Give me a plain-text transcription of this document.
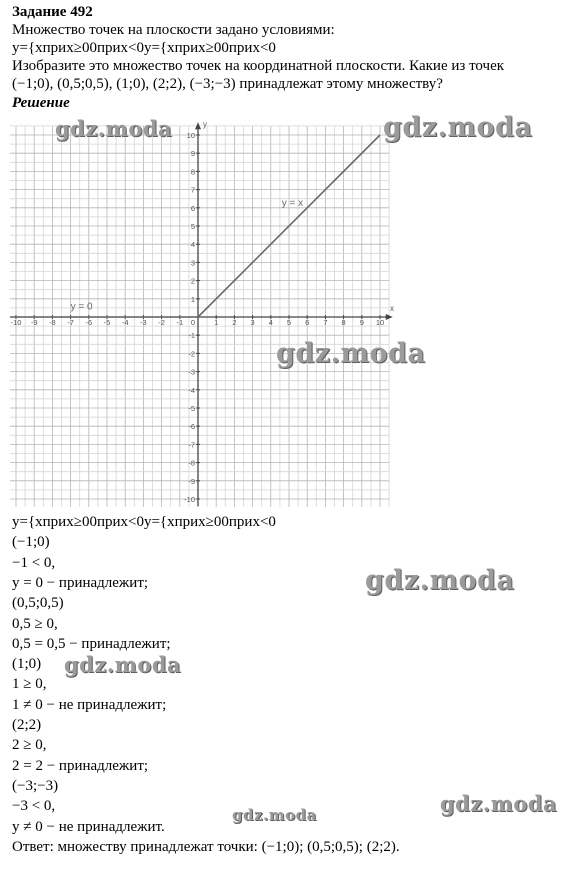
Задание 492
Множество точек на плоскости задано условиями:
y={xприх≥00прих<0y={xприх≥00прих<0
Изобразите это множество точек на координатной плоскости. Какие из точек
(−1;0), (0,5;0,5), (1;0), (2;2), (−3;−3) принадлежат этому множеству?
Решение
x
y
-10 -9 -8 -7 -6 -5 -4 -3 -2 -1	1 2 3 4 5 6 7 8 9 10
10
9
8
7
6
5
4
3
2
1
-1
-2
-3
-4
-5
-6
-7
-8
-9
-10
0
y = x
y = 0
y={xприх≥00прих<0y={xприх≥00прих<0
(−1;0)
−1 < 0,
y = 0 − принадлежит;
(0,5;0,5)
0,5 ≥ 0,
0,5 = 0,5 − принадлежит;
(1;0)
1 ≥ 0,
1 ≠ 0 − не принадлежит;
(2;2)
2 ≥ 0,
2 = 2 − принадлежит;
(−3;−3)
−3 < 0,
y ≠ 0 − не принадлежит.
Ответ: множеству принадлежат точки: (−1;0); (0,5;0,5); (2;2).
gdz.moda
gdz.moda
gdz.moda
gdz.moda
gdz.moda
gdz.moda
gdz.moda
